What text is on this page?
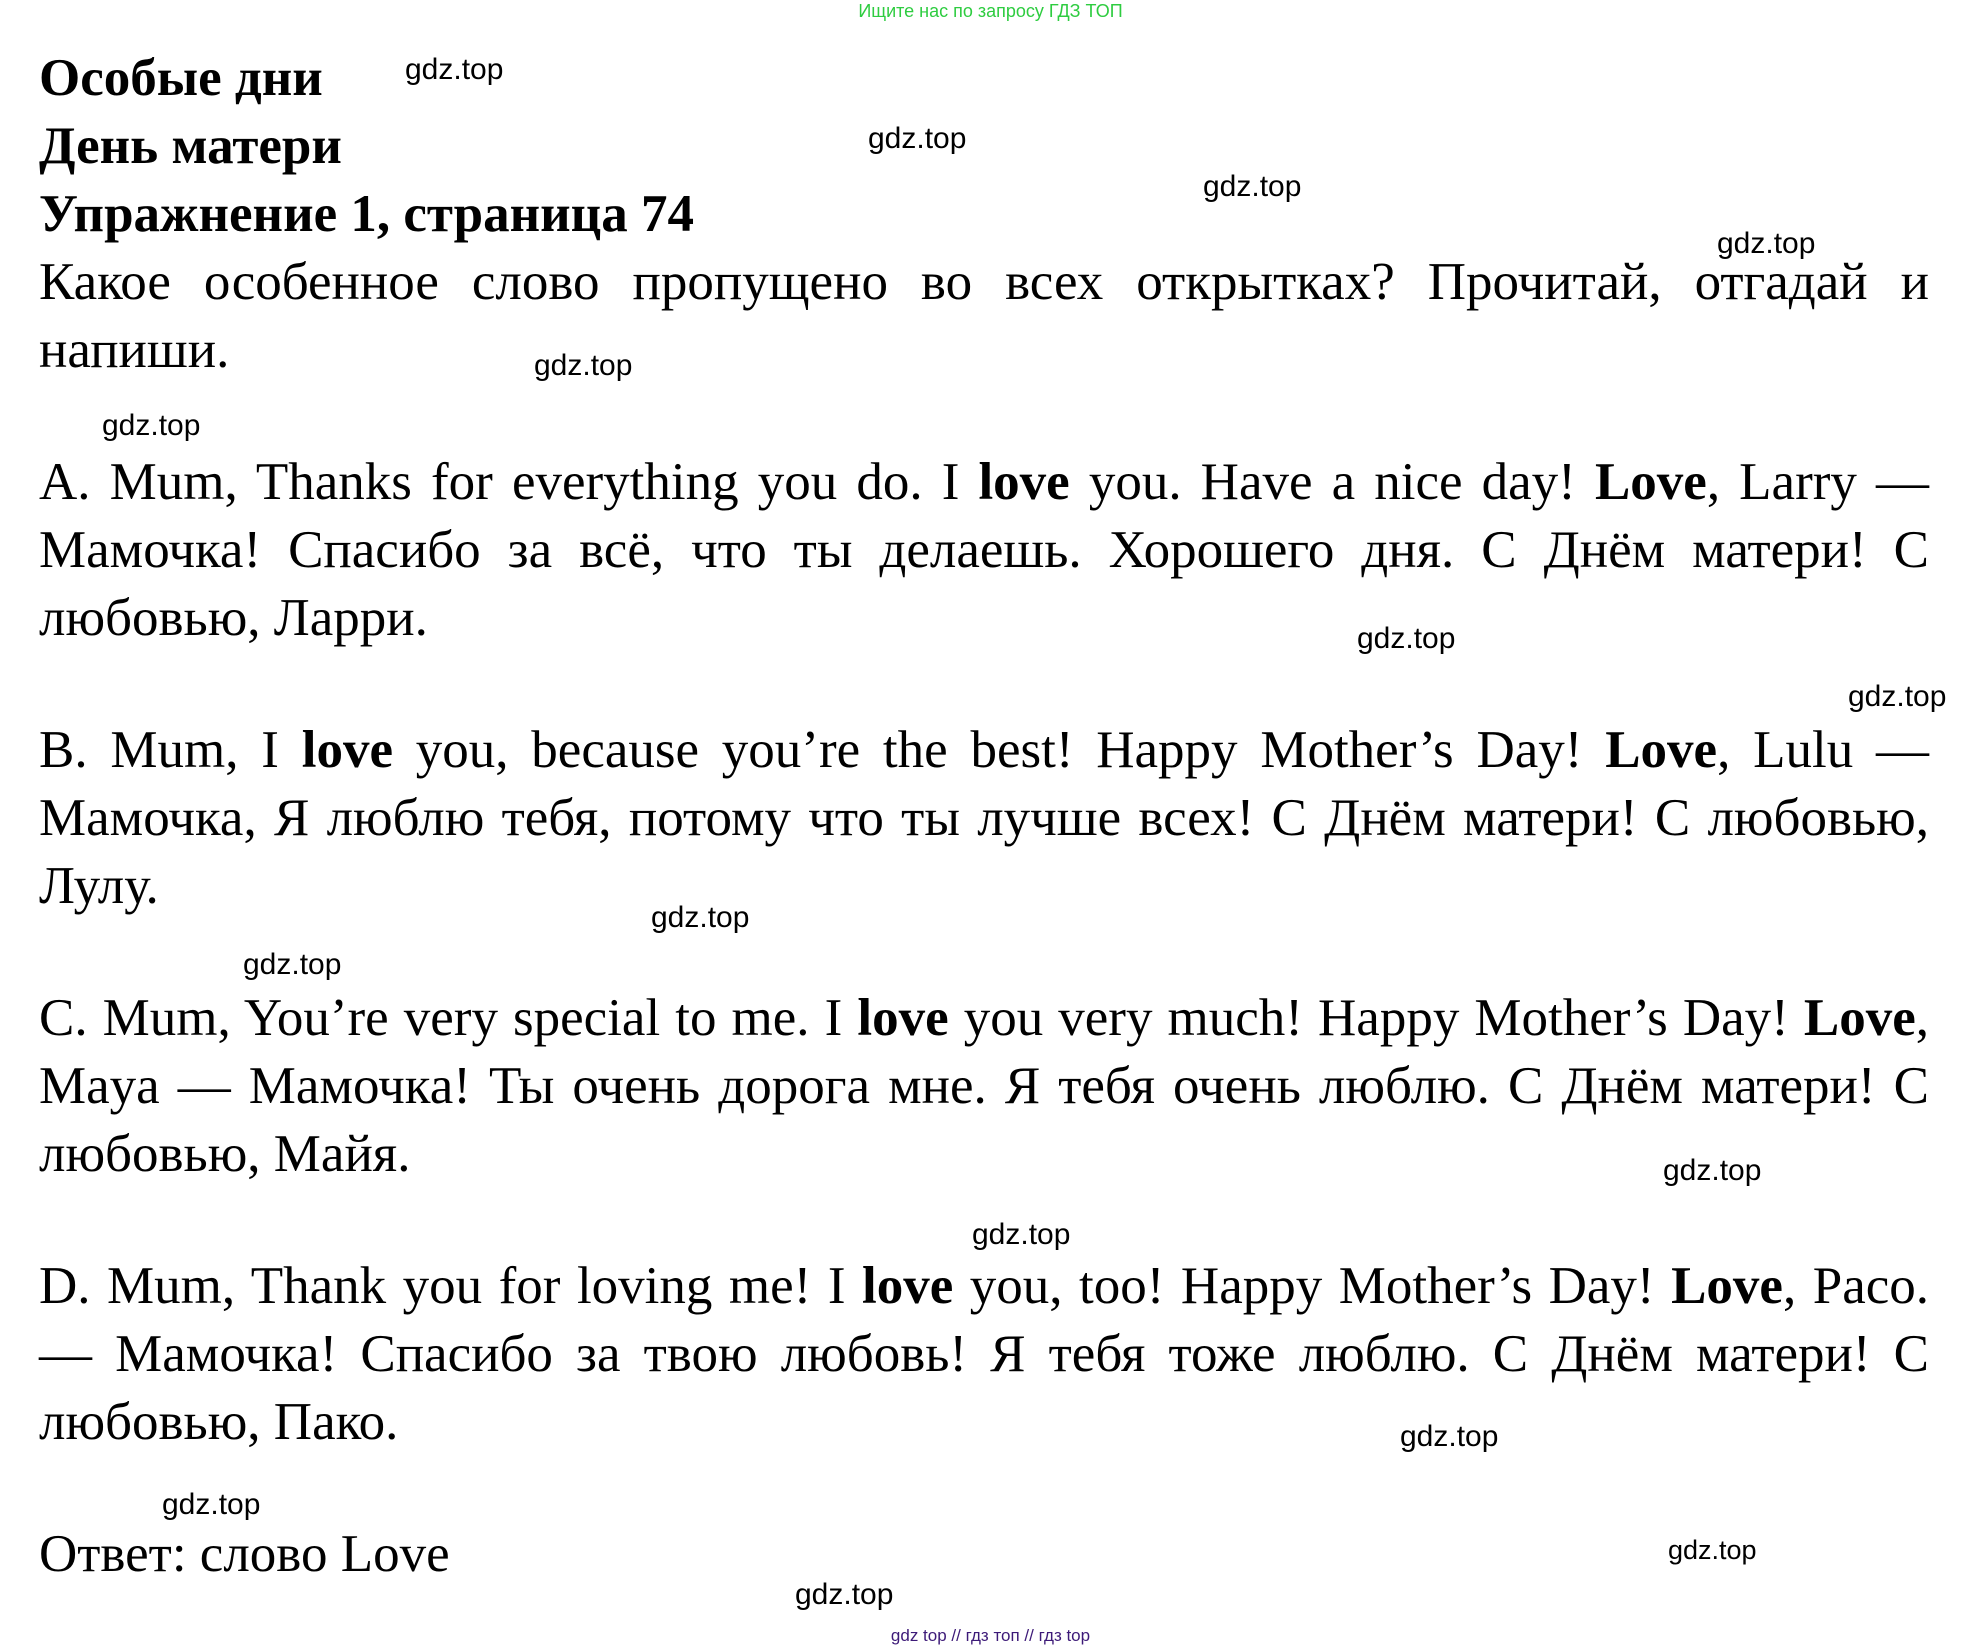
Ищите нас по запросу ГДЗ ТОП
gdz.top
gdz.top
gdz.top
gdz.top
gdz.top
gdz.top
gdz.top
gdz.top
gdz.top
gdz.top
gdz.top
gdz.top
gdz.top
gdz.top
gdz.top
gdz.top

Особые дни

День матери

Упражнение 1, страница 74

Какое особенное слово пропущено во всех открытках? Прочитай, отгадай и напиши.

A. Mum, Thanks for everything you do. I love you. Have a nice day! Love, Larry — Мамочка! Спасибо за всё, что ты делаешь. Хорошего дня. С Днём матери! С любовью, Ларри.

B. Mum, I love you, because you’re the best! Happy Mother’s Day! Love, Lulu — Мамочка, Я люблю тебя, потому что ты лучше всех! С Днём матери! С любовью, Лулу.

C. Mum, You’re very special to me. I love you very much! Happy Mother’s Day! Love, Maya — Мамочка! Ты очень дорога мне. Я тебя очень люблю. С Днём матери! С любовью, Майя.

D. Mum, Thank you for loving me! I love you, too! Happy Mother’s Day! Love, Paco. — Мамочка! Спасибо за твою любовь! Я тебя тоже люблю. С Днём матери! С любовью, Пако.

Ответ: слово Love

gdz top // гдз топ // гдз top
